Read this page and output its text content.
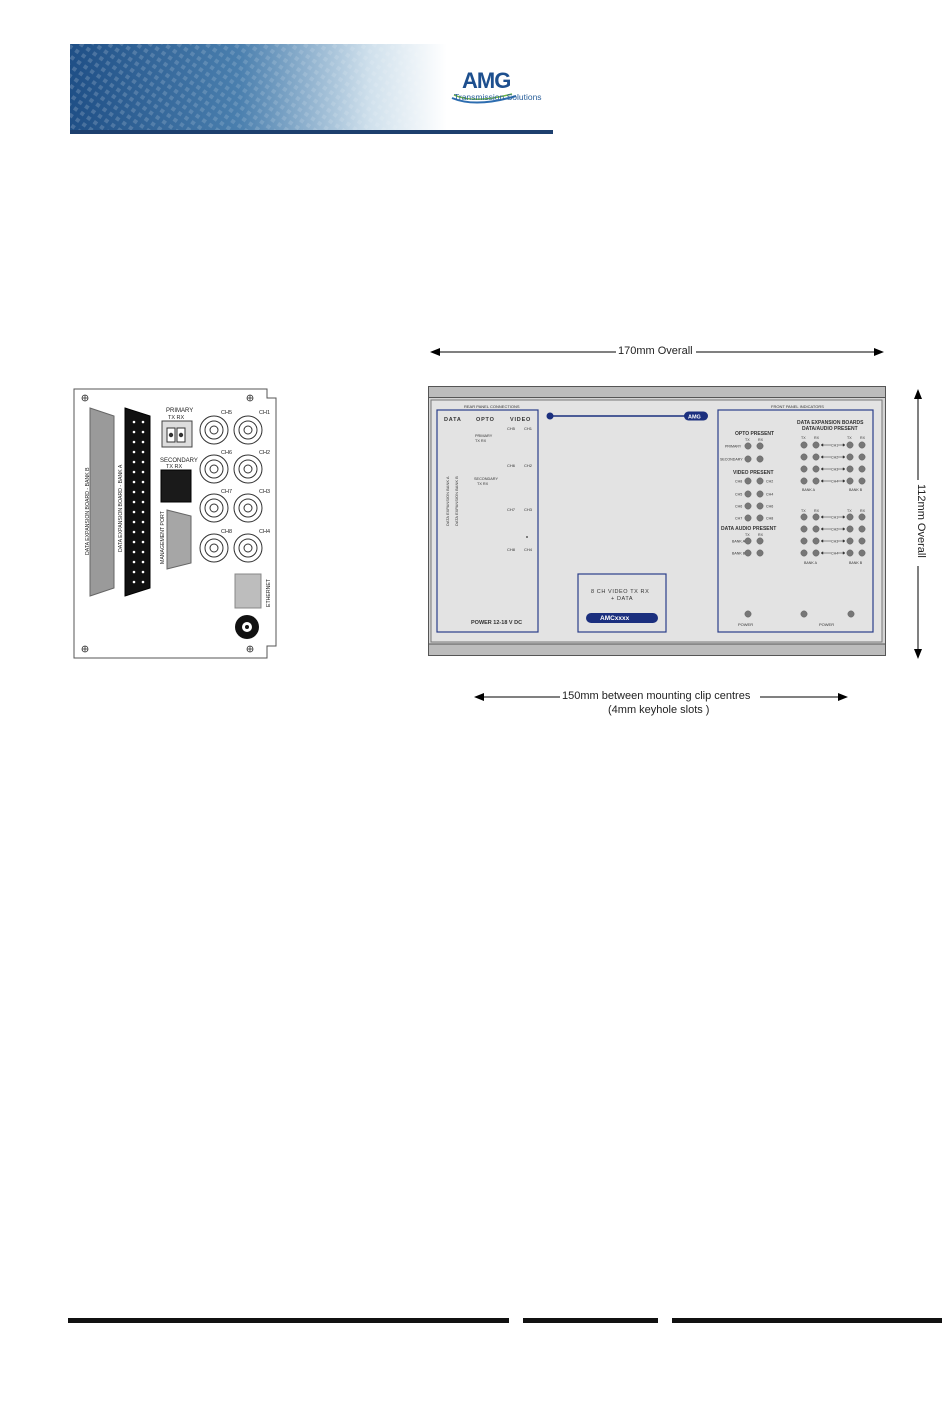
AMG
Transmission Solutions
DATA EXPANSION BOARD - BANK B	DATA EXPANSION BOARD - BANK A
PRIMARY
TX RX
SECONDARY
TX RX
MANAGEMENT PORT
ETHERNET
CH5	CH1
CH6	CH2
CH7	CH3
CH8	CH4
170mm Overall
112mm Overall
150mm between mounting clip centres
(4mm keyhole slots )
REAR PANEL CONNECTIONS
DATA	OPTO	VIDEO
DATA EXPANSION BANK A DATA EXPANSION BANK B
PRIMARY
TX RX
SECONDARY
TX RX
CH5 CH1
CH6 CH2
CH7 CH3
CH8 CH4
POWER 12-18 V DC
AMG
8 CH VIDEO TX RX
+ DATA
AMCxxxx
FRONT PANEL INDICATORS
OPTO PRESENT
TX RX
PRIMARY
SECONDARY
VIDEO PRESENT
CH8
CH5
CH6
CH7
CH2
CH4
CH6
CH8
DATA AUDIO PRESENT
TX RX
BANK A
BANK B
DATA EXPANSION BOARDS
DATA/AUDIO PRESENT
TX RX	TX RX
CH1
CH2
CH3
CH4
BANK A	BANK B
TX RX	TX RX
CH1
CH2
CH3
CH4
BANK A	BANK B
POWER	POWER
